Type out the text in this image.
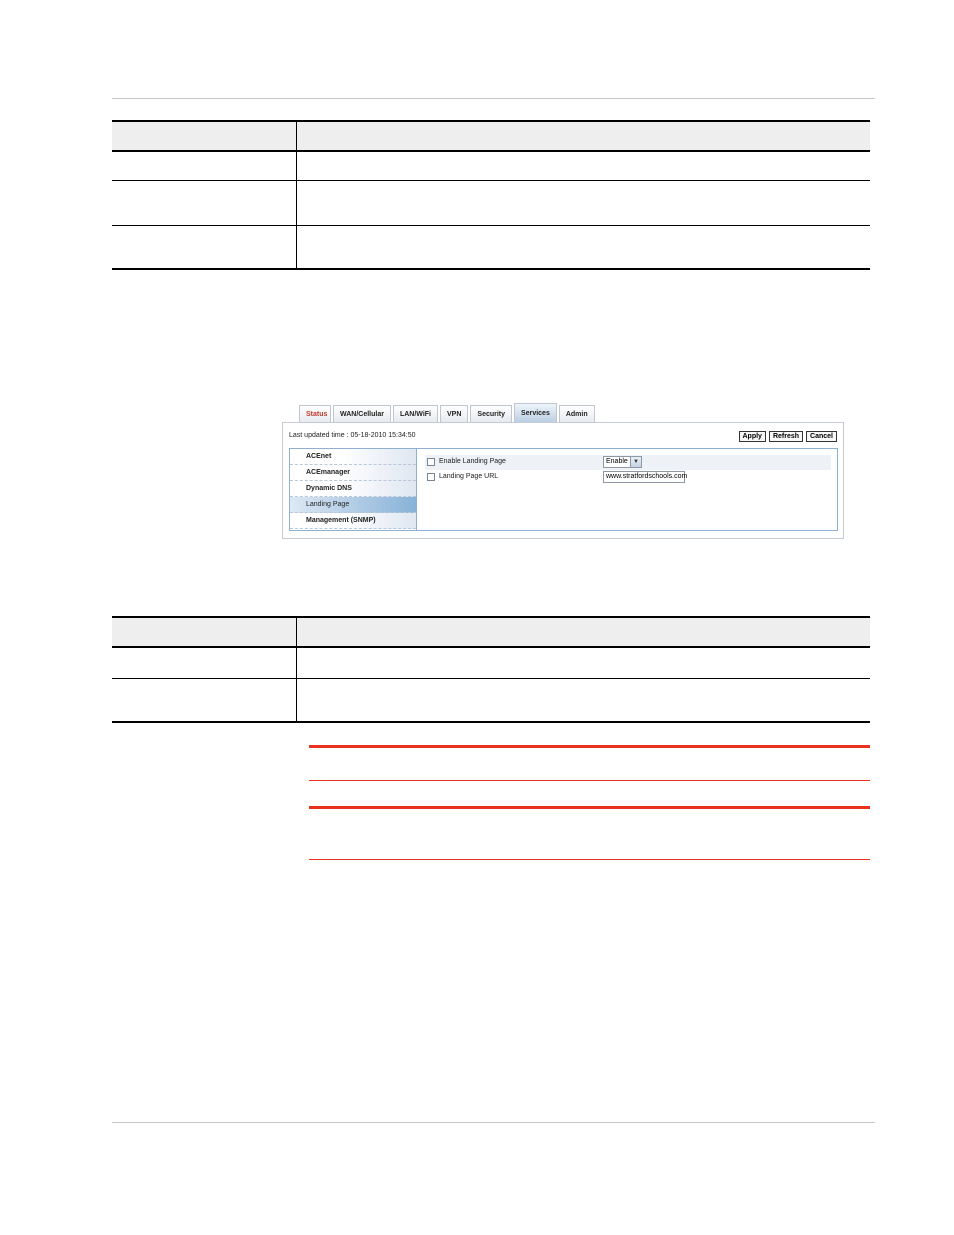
Status	WAN/Cellular	LAN/WiFi	VPN	Security	Services	Admin
Last updated time : 05-18-2010 15:34:50	Apply	Refresh	Cancel
ACEnet
ACEmanager
Dynamic DNS
Landing Page
Management (SNMP)
Enable Landing Page	Enable ▼
Landing Page URL	www.stratfordschools.com
